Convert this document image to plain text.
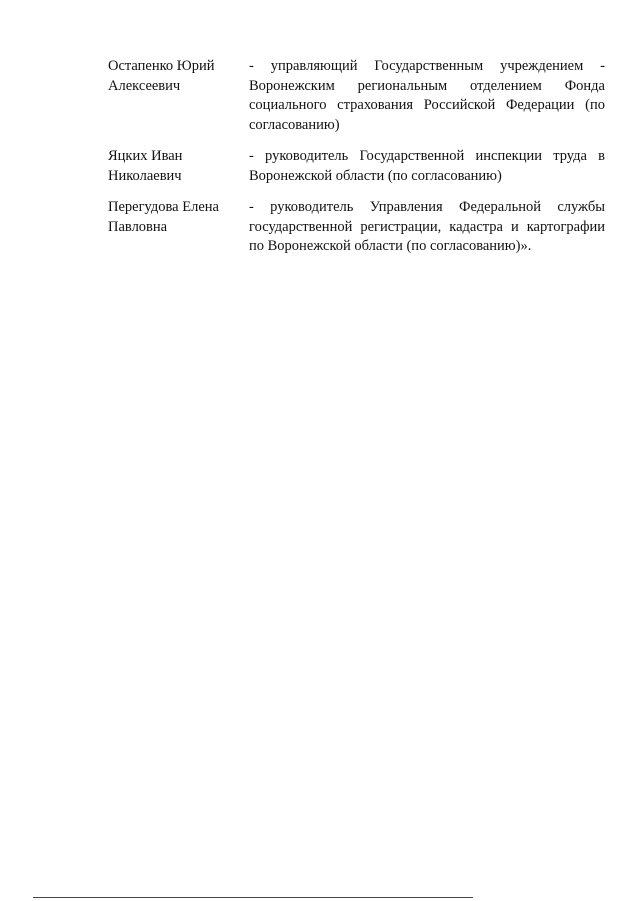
Остапенко Юрий Алексеевич
- управляющий Государственным учреждением - Воронежским региональным отделением Фонда социального страхования Российской Федерации (по согласованию)
Яцких Иван Николаевич
- руководитель Государственной инспекции труда в Воронежской области (по согласованию)
Перегудова Елена Павловна
- руководитель Управления Федеральной службы государственной регистрации, кадастра и картографии по Воронежской области (по согласованию)».
